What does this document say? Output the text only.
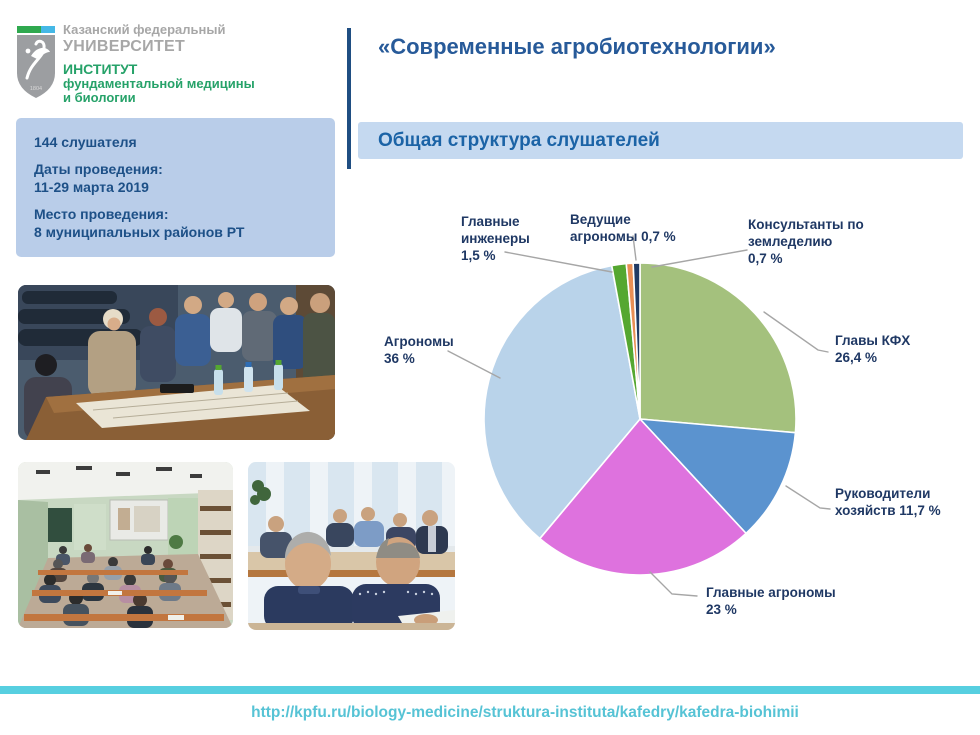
1804
Казанский федеральный
УНИВЕРСИТЕТ
ИНСТИТУТ
фундаментальной медицины
и биологии
«Современные агробиотехнологии»
Общая структура слушателей
144 слушателя
Даты проведения:
11-29 марта 2019
Место проведения:
8 муниципальных районов РТ
Главные
инженеры
1,5 %
Ведущие
агрономы 0,7 %
Консультанты по
земледелию
0,7 %
Главы КФХ
26,4 %
Руководители
хозяйств 11,7 %
Главные агрономы
23 %
Агрономы
36 %
http://kpfu.ru/biology-medicine/struktura-instituta/kafedry/kafedra-biohimii
